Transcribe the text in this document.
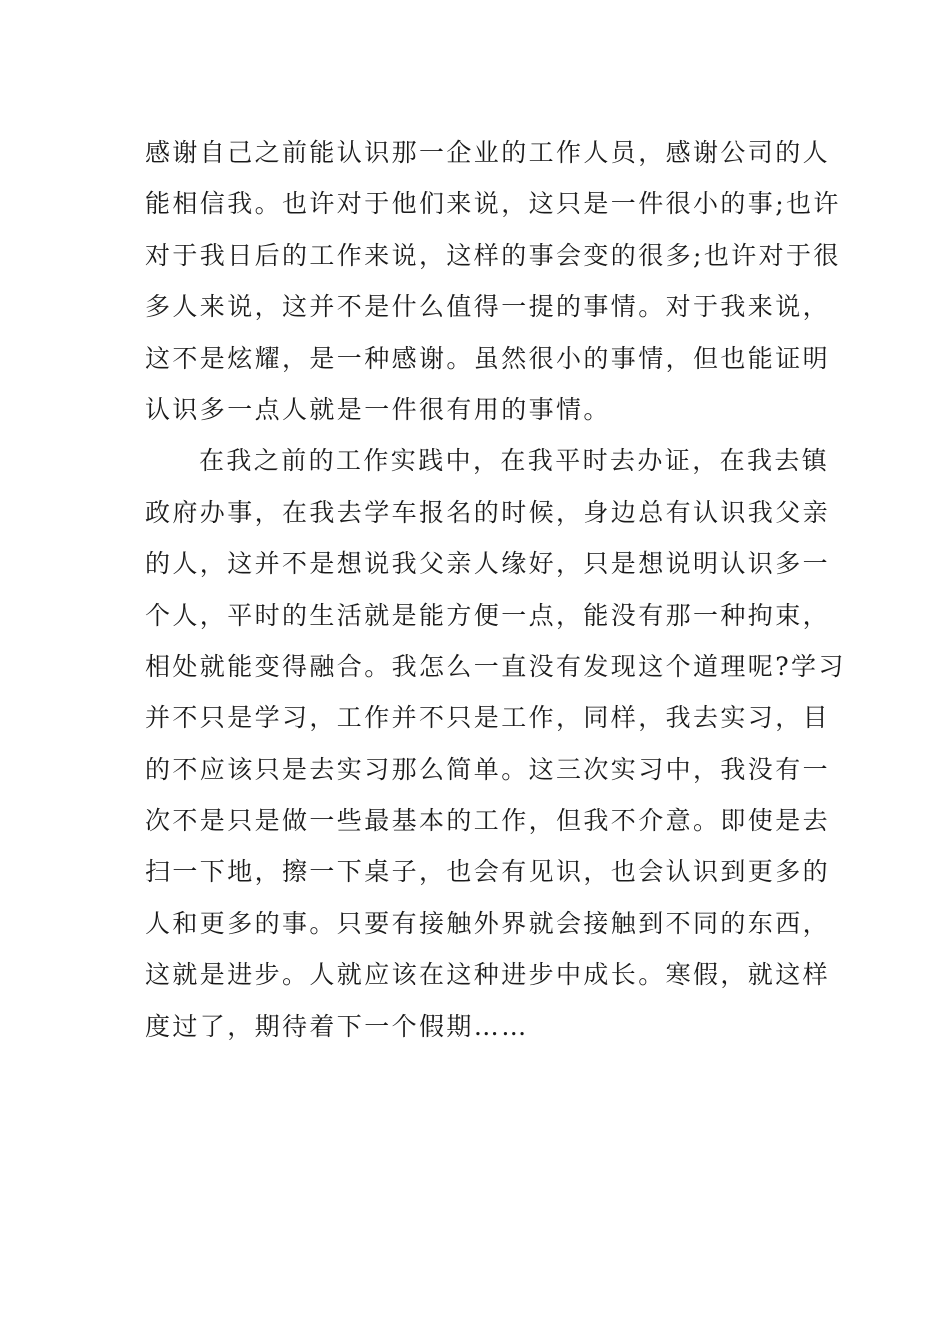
感谢自己之前能认识那一企业的工作人员，感谢公司的人
能相信我。也许对于他们来说，这只是一件很小的事;也许
对于我日后的工作来说，这样的事会变的很多;也许对于很
多人来说，这并不是什么值得一提的事情。对于我来说，
这不是炫耀，是一种感谢。虽然很小的事情，但也能证明
认识多一点人就是一件很有用的事情。
在我之前的工作实践中，在我平时去办证，在我去镇
政府办事，在我去学车报名的时候，身边总有认识我父亲
的人，这并不是想说我父亲人缘好，只是想说明认识多一
个人，平时的生活就是能方便一点，能没有那一种拘束，
相处就能变得融合。我怎么一直没有发现这个道理呢?学习
并不只是学习，工作并不只是工作，同样，我去实习，目
的不应该只是去实习那么简单。这三次实习中，我没有一
次不是只是做一些最基本的工作，但我不介意。即使是去
扫一下地，擦一下桌子，也会有见识，也会认识到更多的
人和更多的事。只要有接触外界就会接触到不同的东西，
这就是进步。人就应该在这种进步中成长。寒假，就这样
度过了，期待着下一个假期……
